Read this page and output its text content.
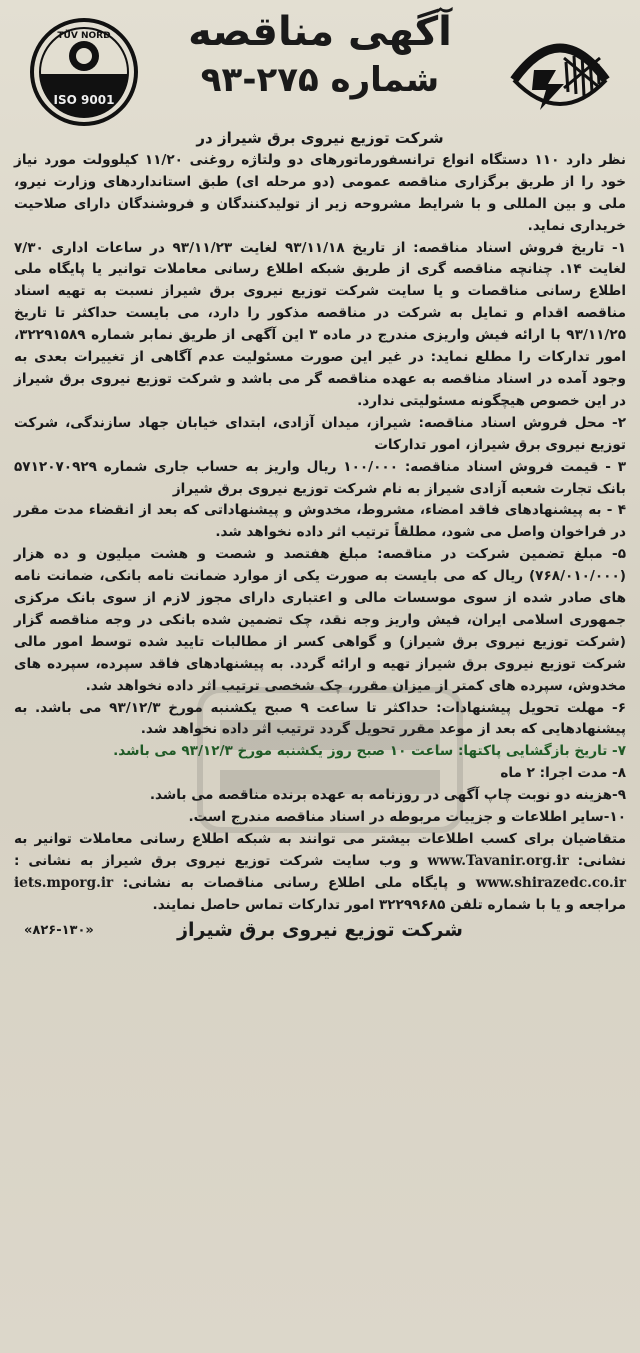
TÜV NORD
ISO 9001
آگهی مناقصه
شماره ۲۷۵-۹۳

شرکت توزیع نیروی برق شیراز در

نظر دارد ۱۱۰ دستگاه انواع ترانسفورماتورهای دو ولتاژه روغنی ۱۱/۲۰ کیلوولت مورد نیاز خود را از طریق برگزاری مناقصه عمومی (دو مرحله ای) طبق استانداردهای وزارت نیرو، ملی و بین المللی و با شرایط مشروحه زیر از تولیدکنندگان و فروشندگان دارای صلاحیت خریداری نماید.

۱- تاریخ فروش اسناد مناقصه: از تاریخ ۹۳/۱۱/۱۸ لغایت ۹۳/۱۱/۲۳ در ساعات اداری ۷/۳۰ لغایت ۱۴. چنانچه مناقصه گری از طریق شبکه اطلاع رسانی معاملات توانیر یا پایگاه ملی اطلاع رسانی مناقصات و یا سایت شرکت توزیع نیروی برق شیراز نسبت به تهیه اسناد مناقصه اقدام و تمایل به شرکت در مناقصه مذکور را دارد، می بایست حداکثر تا تاریخ ۹۳/۱۱/۲۵ با ارائه فیش واریزی مندرج در ماده ۳ این آگهی از طریق نمابر شماره ۳۲۲۹۱۵۸۹، امور تدارکات را مطلع نماید: در غیر این صورت مسئولیت عدم آگاهی از تغییرات بعدی به وجود آمده در اسناد مناقصه به عهده مناقصه گر می باشد و شرکت توزیع نیروی برق شیراز در این خصوص هیچگونه مسئولیتی ندارد.

۲- محل فروش اسناد مناقصه: شیراز، میدان آزادی، ابتدای خیابان جهاد سازندگی، شرکت توزیع نیروی برق شیراز، امور تدارکات

۳ - قیمت فروش اسناد مناقصه: ۱۰۰/۰۰۰ ریال واریز به حساب جاری شماره ۵۷۱۲۰۷۰۹۲۹ بانک تجارت شعبه آزادی شیراز به نام شرکت توزیع نیروی برق شیراز

۴ - به پیشنهادهای فاقد امضاء، مشروط، مخدوش و پیشنهاداتی که بعد از انقضاء مدت مقرر در فراخوان واصل می شود، مطلقاً ترتیب اثر داده نخواهد شد.

۵- مبلغ تضمین شرکت در مناقصه: مبلغ هفتصد و شصت و هشت میلیون و ده هزار (۷۶۸/۰۱۰/۰۰۰) ریال که می بایست به صورت یکی از موارد ضمانت نامه بانکی، ضمانت نامه های صادر شده از سوی موسسات مالی و اعتباری دارای مجوز لازم از سوی بانک مرکزی جمهوری اسلامی ایران، فیش واریز وجه نقد، چک تضمین شده بانکی در وجه مناقصه گزار (شرکت توزیع نیروی برق شیراز) و گواهی کسر از مطالبات تایید شده توسط امور مالی شرکت توزیع نیروی برق شیراز تهیه و ارائه گردد. به پیشنهادهای فاقد سپرده، سپرده های مخدوش، سپرده های کمتر از میزان مقرر، چک شخصی ترتیب اثر داده نخواهد شد.

۶- مهلت تحویل پیشنهادات: حداکثر تا ساعت ۹ صبح یکشنبه مورخ ۹۳/۱۲/۳ می باشد. به پیشنهادهایی که بعد از موعد مقرر تحویل گردد ترتیب اثر داده نخواهد شد.

۷- تاریخ بازگشایی پاکتها: ساعت ۱۰ صبح روز یکشنبه مورخ ۹۳/۱۲/۳ می باشد.

۸- مدت اجرا: ۲ ماه

۹-هزینه دو نوبت چاپ آگهی در روزنامه به عهده برنده مناقصه می باشد.

۱۰-سایر اطلاعات و جزییات مربوطه در اسناد مناقصه مندرج است.

متقاضیان برای کسب اطلاعات بیشتر می توانند به شبکه اطلاع رسانی معاملات توانیر به نشانی: www.Tavanir.org.ir و وب سایت شرکت توزیع نیروی برق شیراز به نشانی : www.shirazedc.co.ir و پایگاه ملی اطلاع رسانی مناقصات به نشانی: iets.mporg.ir مراجعه و یا با شماره تلفن ۳۲۲۹۹۶۸۵ امور تدارکات تماس حاصل نمایند.

شرکت توزیع نیروی برق شیراز
«۸۲۶-۱۳۰»
